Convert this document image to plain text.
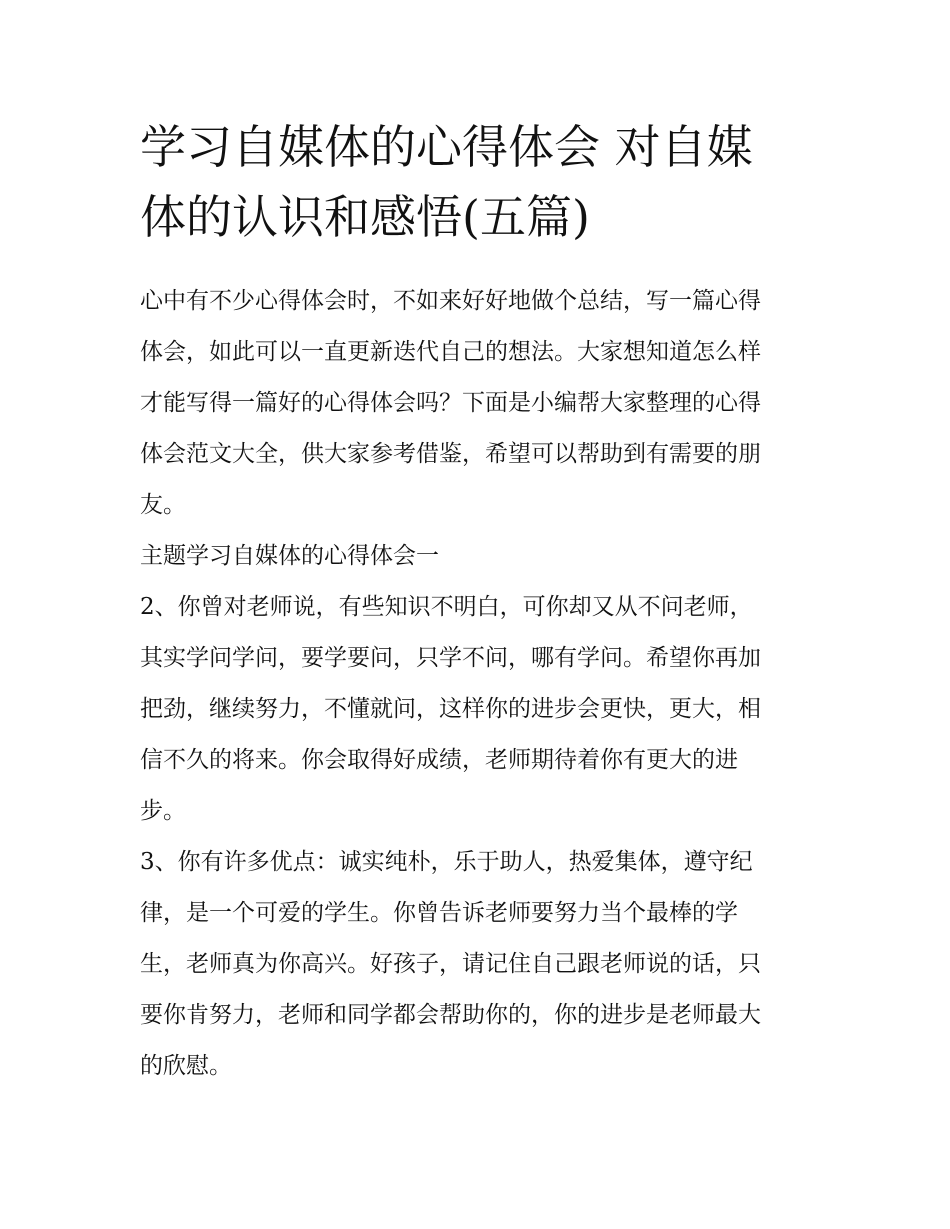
学习自媒体的心得体会 对自媒
体的认识和感悟(五篇)

心中有不少心得体会时，不如来好好地做个总结，写一篇心得
体会，如此可以一直更新迭代自己的想法。大家想知道怎么样
才能写得一篇好的心得体会吗？下面是小编帮大家整理的心得
体会范文大全，供大家参考借鉴，希望可以帮助到有需要的朋
友。

主题学习自媒体的心得体会一

2、你曾对老师说，有些知识不明白，可你却又从不问老师，
其实学问学问，要学要问，只学不问，哪有学问。希望你再加
把劲，继续努力，不懂就问，这样你的进步会更快，更大，相
信不久的将来。你会取得好成绩，老师期待着你有更大的进
步。

3、你有许多优点：诚实纯朴，乐于助人，热爱集体，遵守纪
律，是一个可爱的学生。你曾告诉老师要努力当个最棒的学
生，老师真为你高兴。好孩子，请记住自己跟老师说的话，只
要你肯努力，老师和同学都会帮助你的，你的进步是老师最大
的欣慰。
